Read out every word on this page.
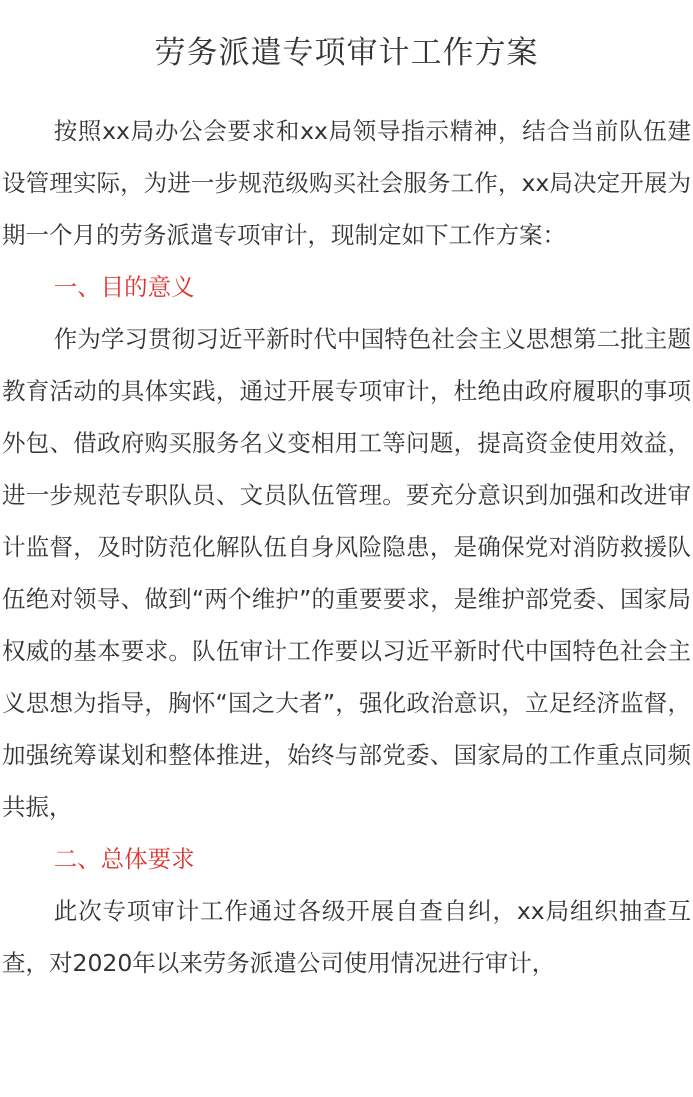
劳务派遣专项审计工作方案

按照xx局办公会要求和xx局领导指示精神，结合当前队伍建设管理实际，为进一步规范级购买社会服务工作，xx局决定开展为期一个月的劳务派遣专项审计，现制定如下工作方案：

一、目的意义

作为学习贯彻习近平新时代中国特色社会主义思想第二批主题教育活动的具体实践，通过开展专项审计，杜绝由政府履职的事项外包、借政府购买服务名义变相用工等问题，提高资金使用效益，进一步规范专职队员、文员队伍管理。要充分意识到加强和改进审计监督，及时防范化解队伍自身风险隐患，是确保党对消防救援队伍绝对领导、做到“两个维护”的重要要求，是维护部党委、国家局权威的基本要求。队伍审计工作要以习近平新时代中国特色社会主义思想为指导，胸怀“国之大者”，强化政治意识，立足经济监督，加强统筹谋划和整体推进，始终与部党委、国家局的工作重点同频共振，

二、总体要求

此次专项审计工作通过各级开展自查自纠，xx局组织抽查互查，对2020年以来劳务派遣公司使用情况进行审计，
